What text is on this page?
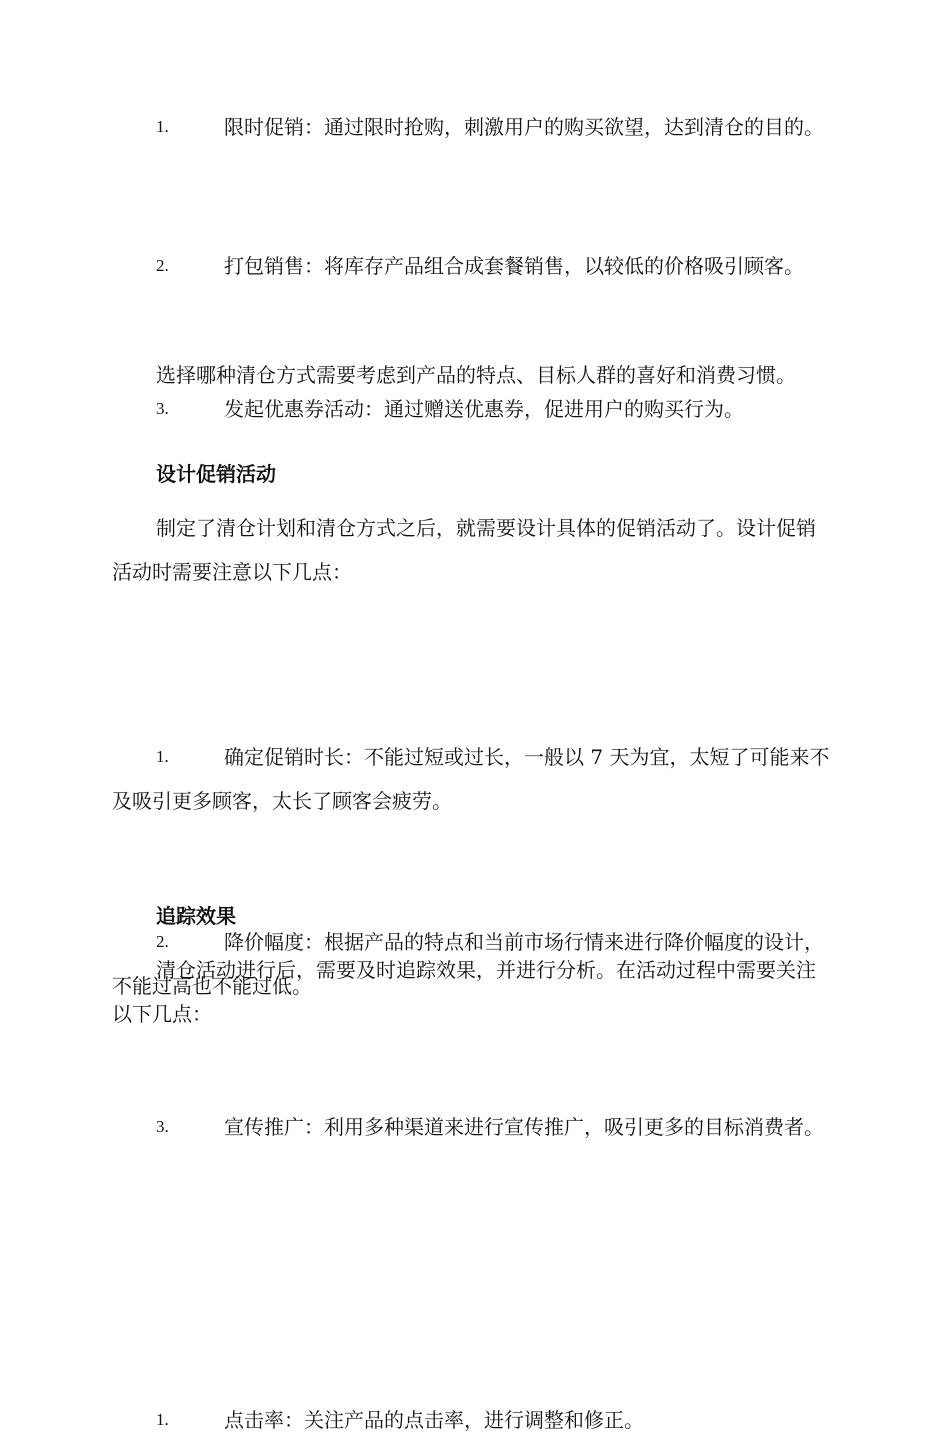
1.	限时促销：通过限时抢购，刺激用户的购买欲望，达到清仓的目的。
2.	打包销售：将库存产品组合成套餐销售，以较低的价格吸引顾客。
3.	发起优惠券活动：通过赠送优惠券，促进用户的购买行为。
选择哪种清仓方式需要考虑到产品的特点、目标人群的喜好和消费习惯。
设计促销活动
制定了清仓计划和清仓方式之后，就需要设计具体的促销活动了。设计促销活动时需要注意以下几点：
1.	确定促销时长：不能过短或过长，一般以 7 天为宜，太短了可能来不及吸引更多顾客，太长了顾客会疲劳。
2.	降价幅度：根据产品的特点和当前市场行情来进行降价幅度的设计，不能过高也不能过低。
3.	宣传推广：利用多种渠道来进行宣传推广，吸引更多的目标消费者。
追踪效果
清仓活动进行后，需要及时追踪效果，并进行分析。在活动过程中需要关注以下几点：
1.	点击率：关注产品的点击率，进行调整和修正。
